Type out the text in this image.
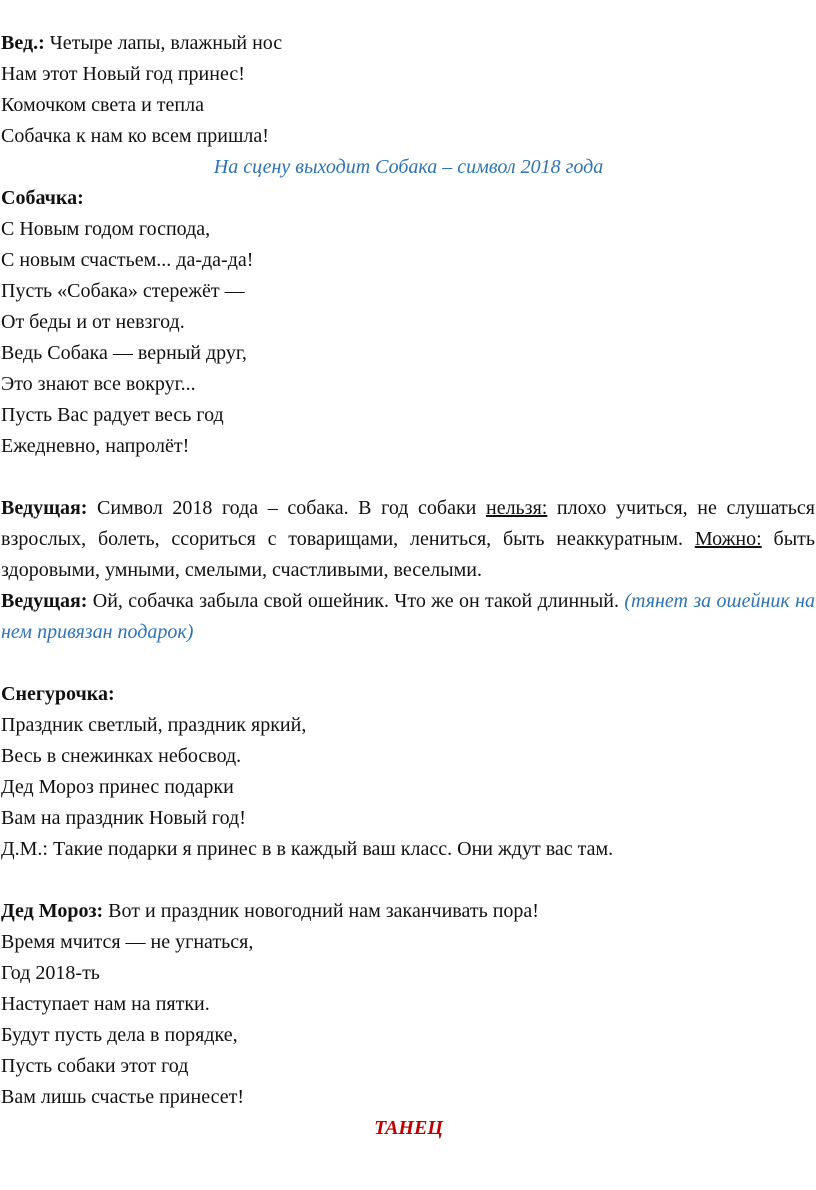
Вед.: Четыре лапы, влажный нос
Нам этот Новый год принес!
Комочком света и тепла
Собачка к нам ко всем пришла!
На сцену выходит Собака – символ 2018 года
Собачка:
С Новым годом господа,
С новым счастьем... да-да-да!
Пусть «Собака» стережёт —
От беды и от невзгод.
Ведь Собака — верный друг,
Это знают все вокруг...
Пусть Вас радует весь год
Ежедневно, напролёт!
Ведущая: Символ 2018 года – собака. В год собаки нельзя: плохо учиться, не слушаться взрослых, болеть, ссориться с товарищами, лениться, быть неаккуратным. Можно: быть здоровыми, умными, смелыми, счастливыми, веселыми.
Ведущая: Ой, собачка забыла свой ошейник. Что же он такой длинный. (тянет за ошейник на нем привязан подарок)
Снегурочка:
Праздник светлый, праздник яркий,
Весь в снежинках небосвод.
Дед Мороз принес подарки
Вам на праздник Новый год!
Д.М.: Такие подарки я принес в в каждый ваш класс. Они ждут вас там.
Дед Мороз: Вот и праздник новогодний нам заканчивать пора!
Время мчится — не угнаться,
Год 2018-ть
Наступает нам на пятки.
Будут пусть дела в порядке,
Пусть собаки этот год
Вам лишь счастье принесет!
ТАНЕЦ
